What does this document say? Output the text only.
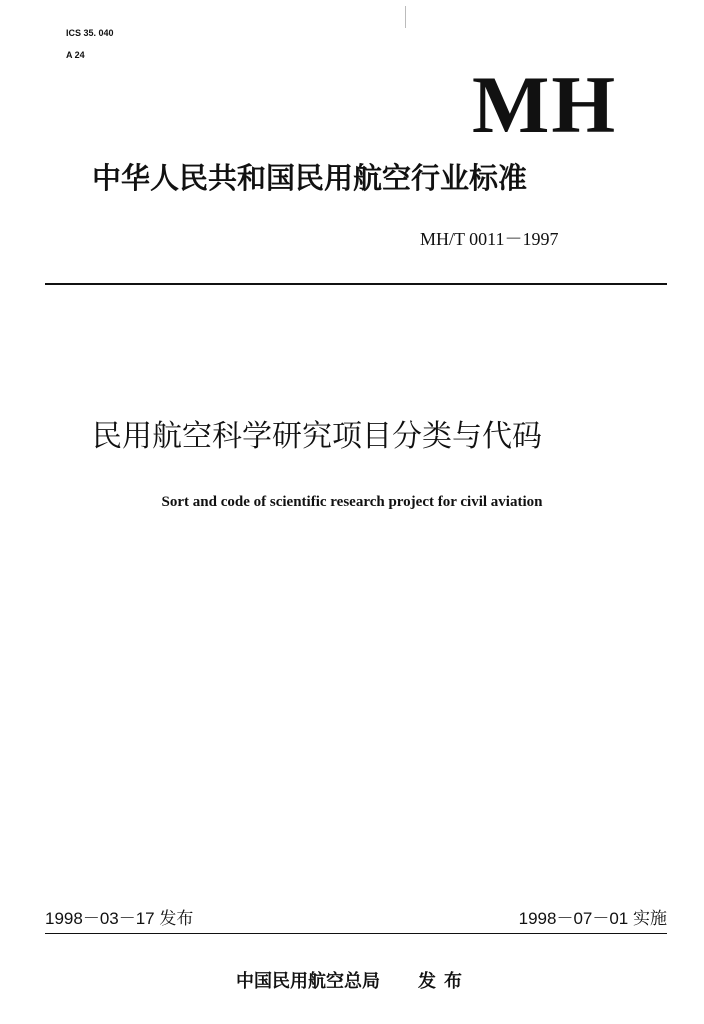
ICS 35. 040
A 24
MH
中华人民共和国民用航空行业标准
MH/T 0011－1997
民用航空科学研究项目分类与代码
Sort and code of scientific research project for civil aviation
1998－03－17 发布	1998－07－01 实施
中国民用航空总局 发布
